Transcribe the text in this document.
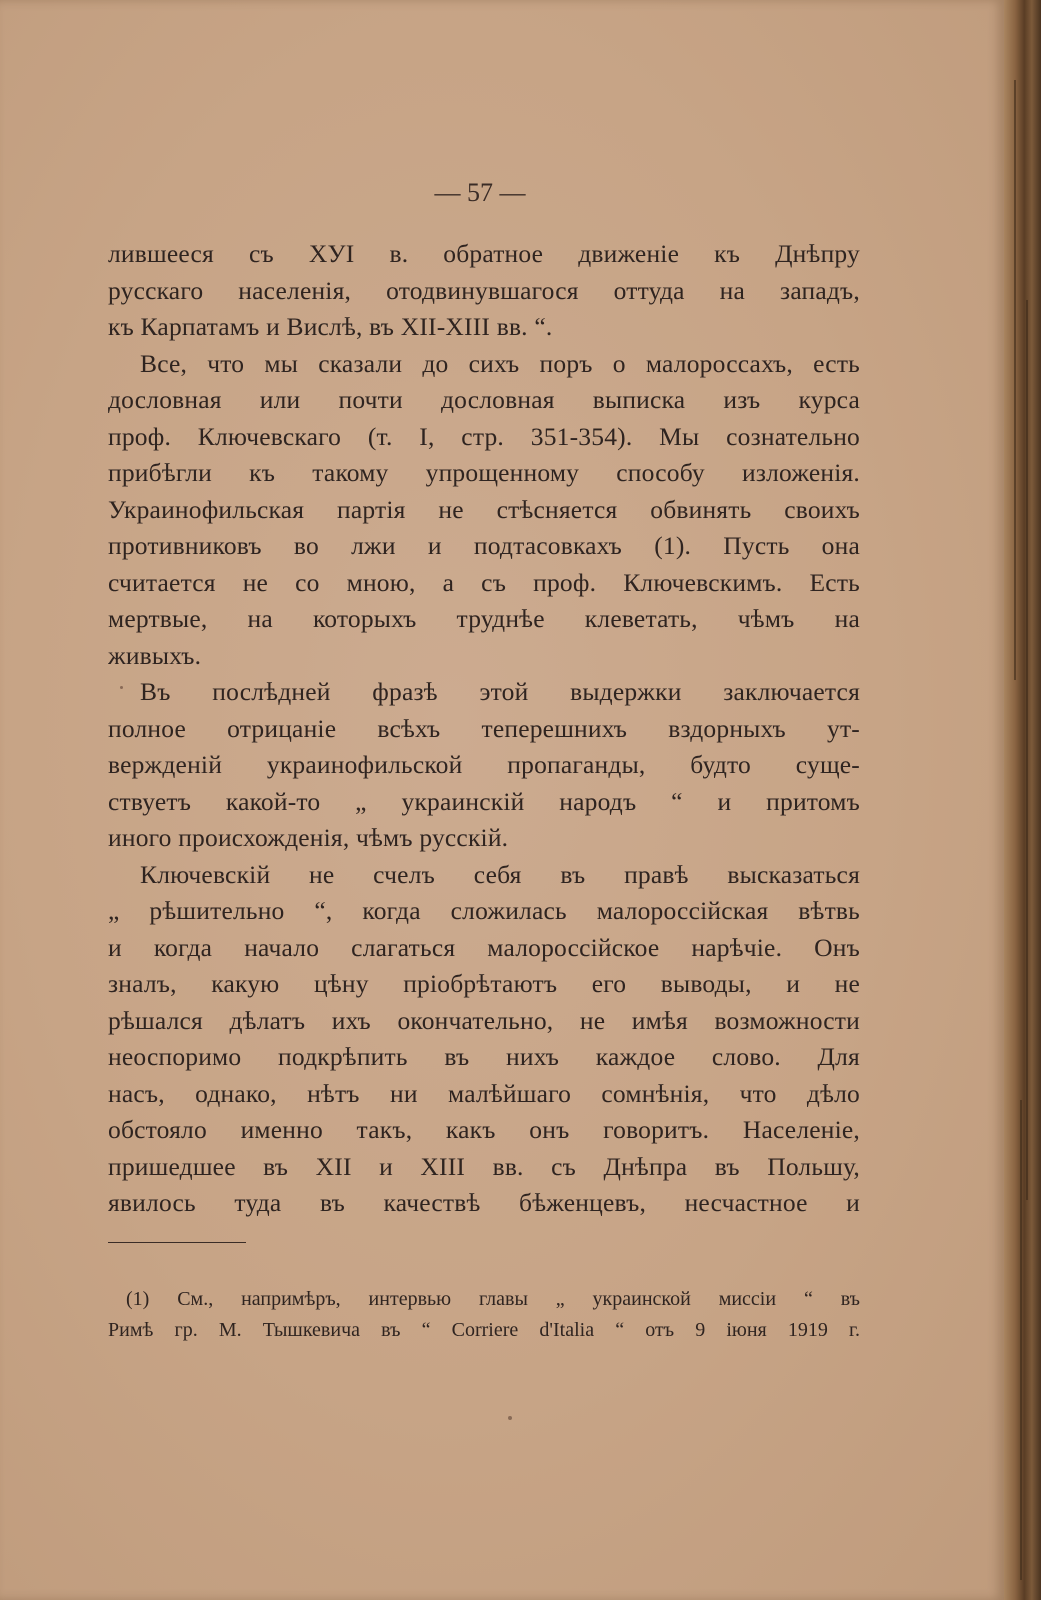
— 57 —
лившееся съ XУI в. обратное движеніе къ Днѣпру
русскаго населенія, отодвинувшагося оттуда на западъ,
къ Карпатамъ и Вислѣ, въ XII-XIII вв. “.
Все, что мы сказали до сихъ поръ о малороссахъ, есть
дословная или почти дословная выписка изъ курса
проф. Ключевскаго (т. I, стр. 351-354). Мы сознательно
прибѣгли къ такому упрощенному способу изложенія.
Украинофильская партія не стѣсняется обвинять своихъ
противниковъ во лжи и подтасовкахъ (1). Пусть она
считается не со мною, а съ проф. Ключевскимъ. Есть
мертвые, на которыхъ труднѣе клеветать, чѣмъ на
живыхъ.
Въ послѣдней фразѣ этой выдержки заключается
полное отрицаніе всѣхъ теперешнихъ вздорныхъ ут-
вержденій украинофильской пропаганды, будто суще-
ствуетъ какой-то „ украинскій народъ “ и притомъ
иного происхожденія, чѣмъ русскій.
Ключевскій не счелъ себя въ правѣ высказаться
„ рѣшительно “, когда сложилась малороссійская вѣтвь
и когда начало слагаться малороссійское нарѣчіе. Онъ
зналъ, какую цѣну пріобрѣтаютъ его выводы, и не
рѣшался дѣлатъ ихъ окончательно, не имѣя возможности
неоспоримо подкрѣпить въ нихъ каждое слово. Для
насъ, однако, нѣтъ ни малѣйшаго сомнѣнія, что дѣло
обстояло именно такъ, какъ онъ говоритъ. Населеніе,
пришедшее въ XII и XIII вв. съ Днѣпра въ Польшу,
явилось туда въ качествѣ бѣженцевъ, несчастное и
(1) См., напримѣръ, интервью главы „ украинской миссіи “ въ
Римѣ гр. М. Тышкевича въ “ Corriere d'Italia “ отъ 9 іюня 1919 г.
